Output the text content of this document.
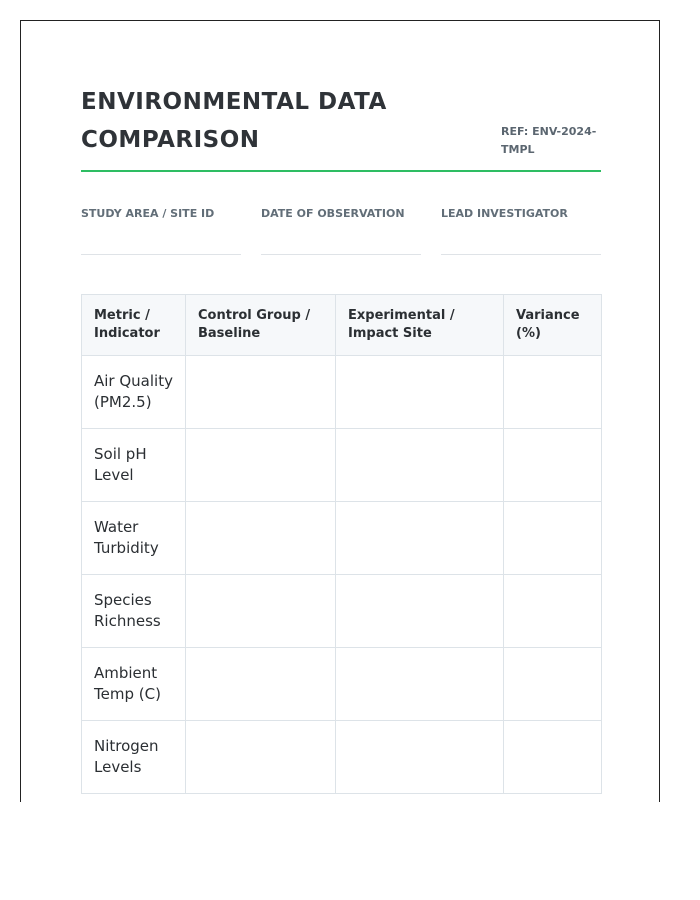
ENVIRONMENTAL DATA COMPARISON	REF: ENV-2024-TMPL
STUDY AREA / SITE ID	DATE OF OBSERVATION	LEAD INVESTIGATOR
Metric / Indicator	Control Group / Baseline	Experimental / Impact Site	Variance (%)
Air Quality (PM2.5)			
Soil pH Level			
Water Turbidity			
Species Richness			
Ambient Temp (C)			
Nitrogen Levels			
